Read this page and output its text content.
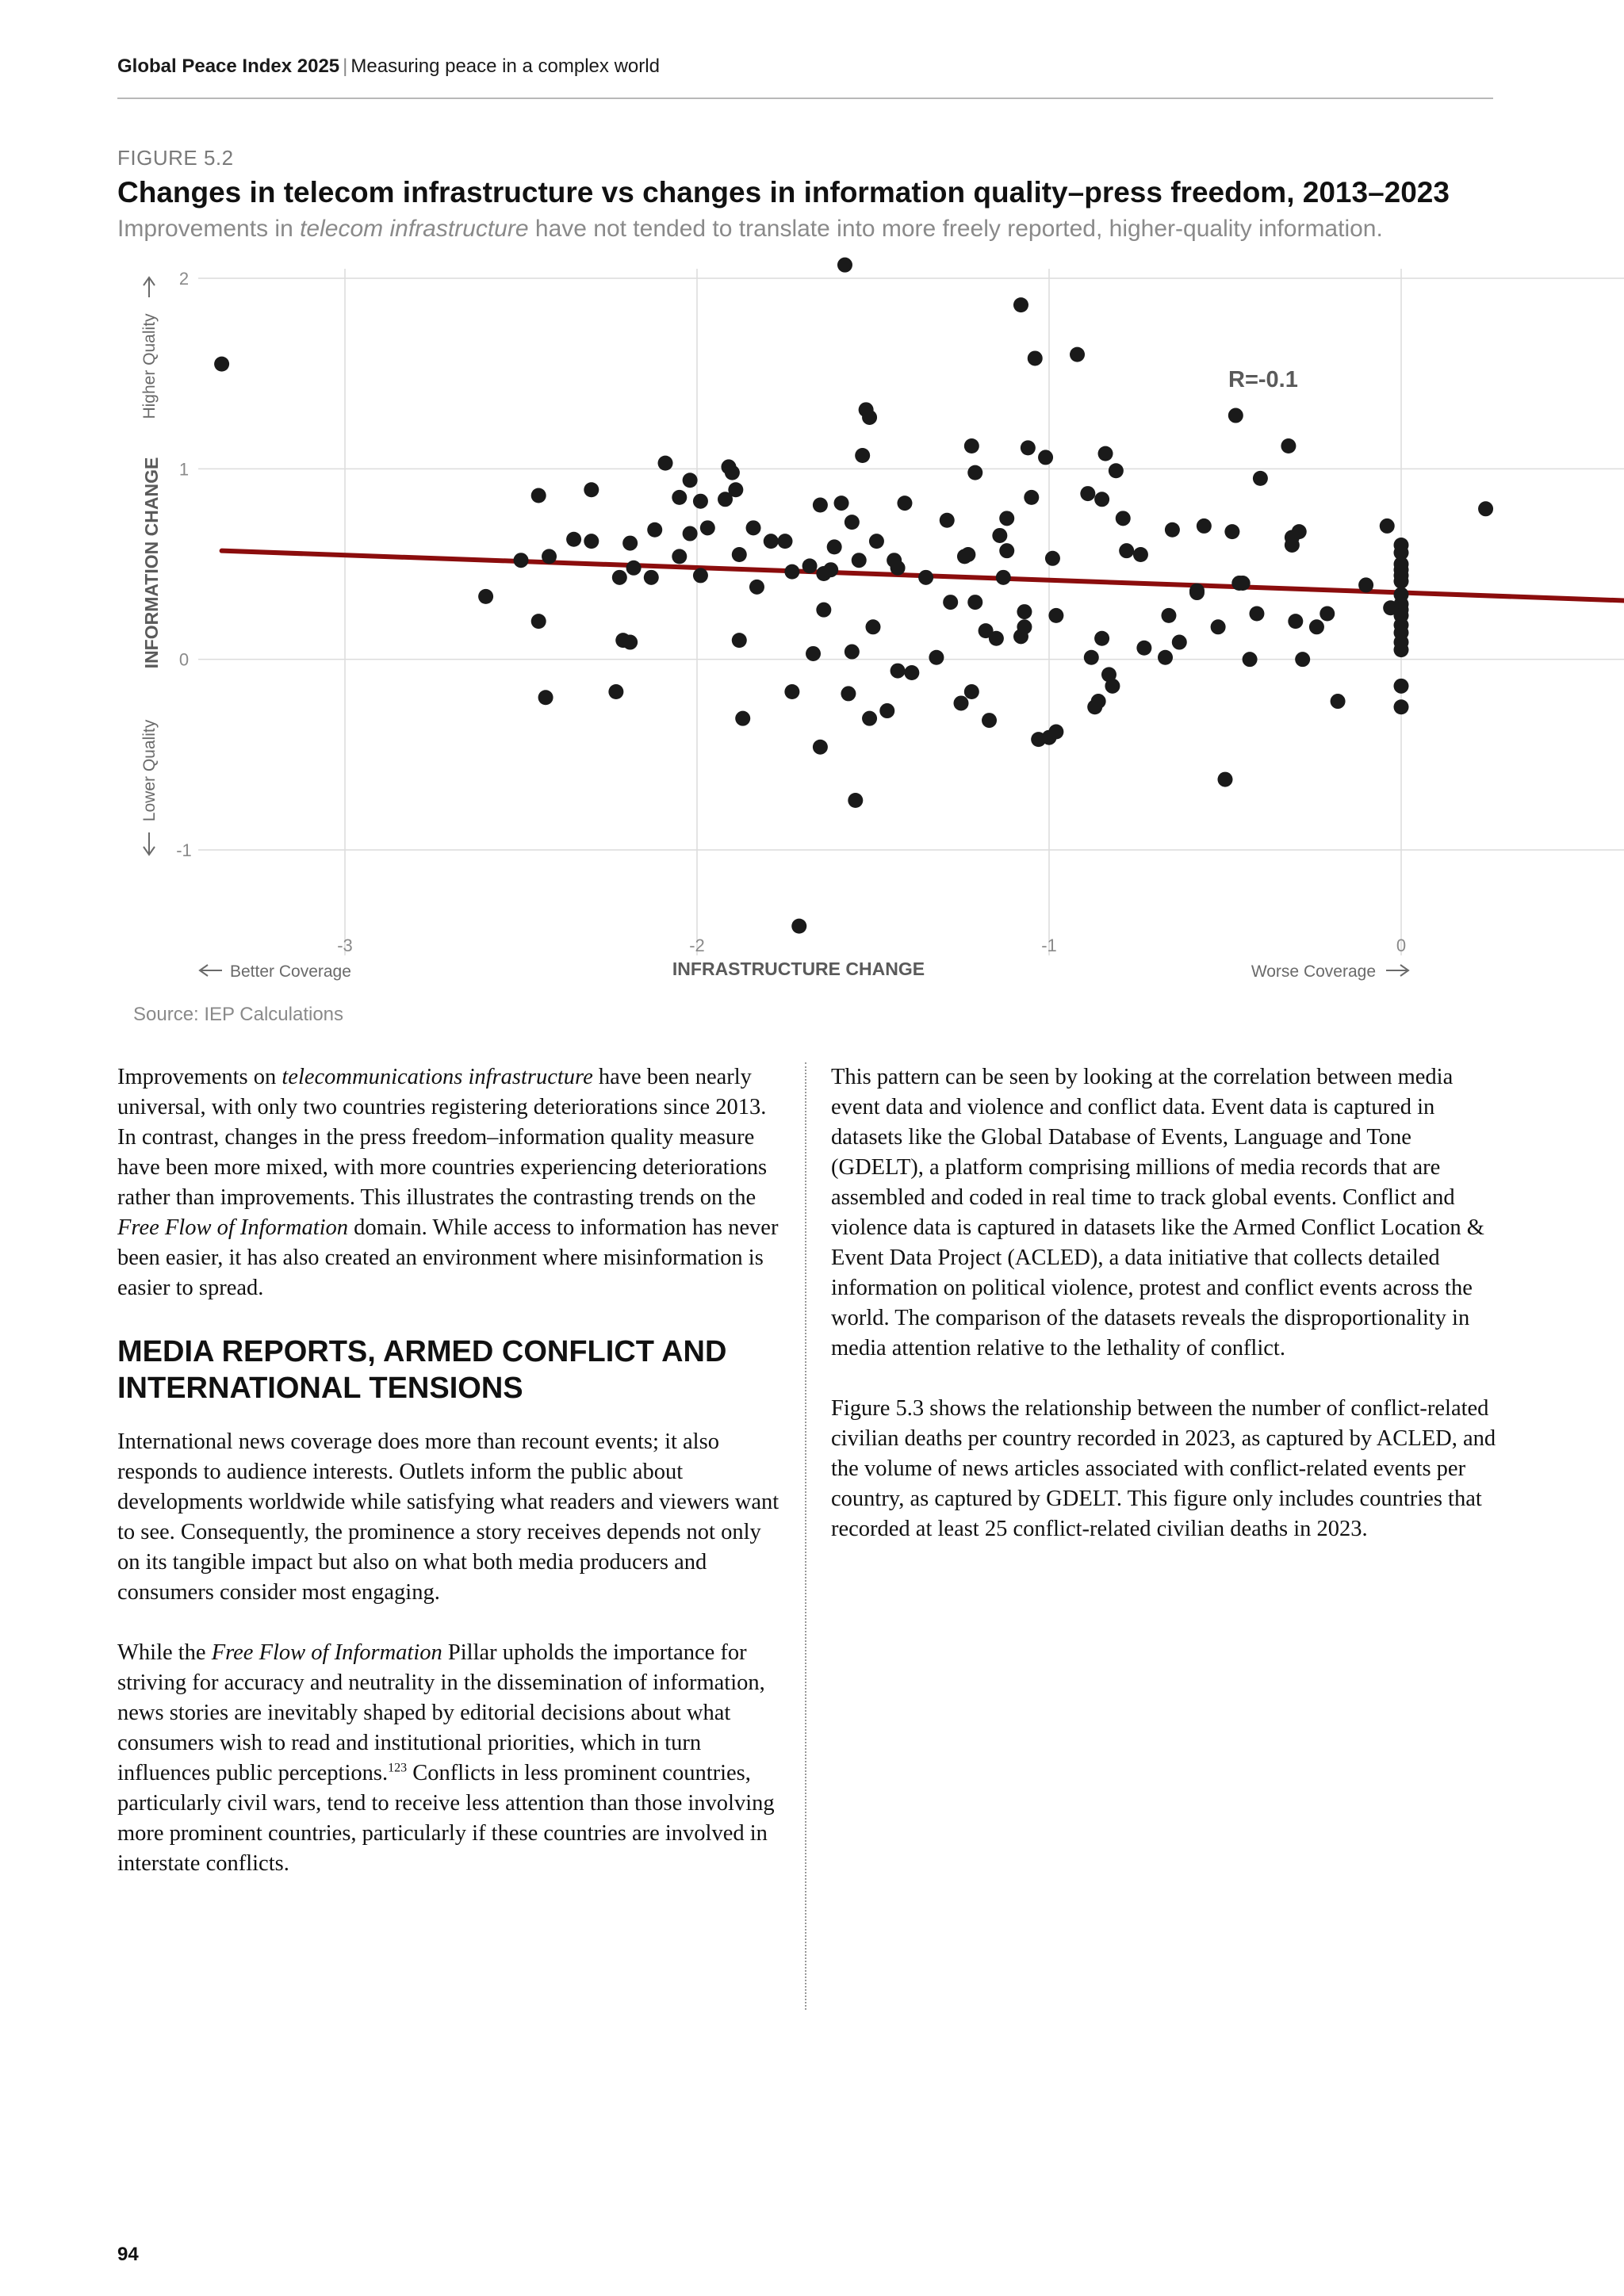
Global Peace Index 2025 | Measuring peace in a complex world
FIGURE 5.2
Changes in telecom infrastructure vs changes in information quality–press freedom, 2013–2023
Improvements in telecom infrastructure have not tended to translate into more freely reported, higher-quality information.
-3	-2	-1	0
-1
0
1
2
INFRASTRUCTURE CHANGE
INFORMATION CHANGE
Better Coverage	Worse Coverage
Higher Quality
Lower Quality
R=-0.1
Source: IEP Calculations

Improvements on telecommunications infrastructure have been nearly universal, with only two countries registering deteriorations since 2013. In contrast, changes in the press freedom–information quality measure have been more mixed, with more countries experiencing deteriorations rather than improvements. This illustrates the contrasting trends on the Free Flow of Information domain. While access to information has never been easier, it has also created an environment where misinformation is easier to spread.

MEDIA REPORTS, ARMED CONFLICT AND INTERNATIONAL TENSIONS

International news coverage does more than recount events; it also responds to audience interests. Outlets inform the public about developments worldwide while satisfying what readers and viewers want to see. Consequently, the prominence a story receives depends not only on its tangible impact but also on what both media producers and consumers consider most engaging.

While the Free Flow of Information Pillar upholds the importance for striving for accuracy and neutrality in the dissemination of information, news stories are inevitably shaped by editorial decisions about what consumers wish to read and institutional priorities, which in turn influences public perceptions.$^{123}$ Conflicts in less prominent countries, particularly civil wars, tend to receive less attention than those involving more prominent countries, particularly if these countries are involved in interstate conflicts.

This pattern can be seen by looking at the correlation between media event data and violence and conflict data. Event data is captured in datasets like the Global Database of Events, Language and Tone (GDELT), a platform comprising millions of media records that are assembled and coded in real time to track global events. Conflict and violence data is captured in datasets like the Armed Conflict Location & Event Data Project (ACLED), a data initiative that collects detailed information on political violence, protest and conflict events across the world. The comparison of the datasets reveals the disproportionality in media attention relative to the lethality of conflict.

Figure 5.3 shows the relationship between the number of conflict-related civilian deaths per country recorded in 2023, as captured by ACLED, and the volume of news articles associated with conflict-related events per country, as captured by GDELT. This figure only includes countries that recorded at least 25 conflict-related civilian deaths in 2023.

94
